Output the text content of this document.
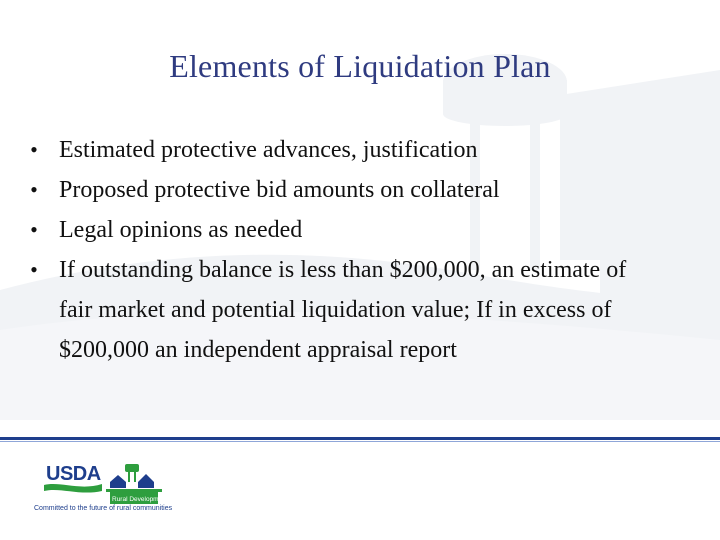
Elements of Liquidation Plan
• Estimated protective advances, justification
• Proposed protective bid amounts on collateral
• Legal opinions as needed
• If outstanding balance is less than $200,000, an estimate of fair market and potential liquidation value; If in excess of $200,000 an independent appraisal report
USDA
Rural Development
Committed to the future of rural communities
